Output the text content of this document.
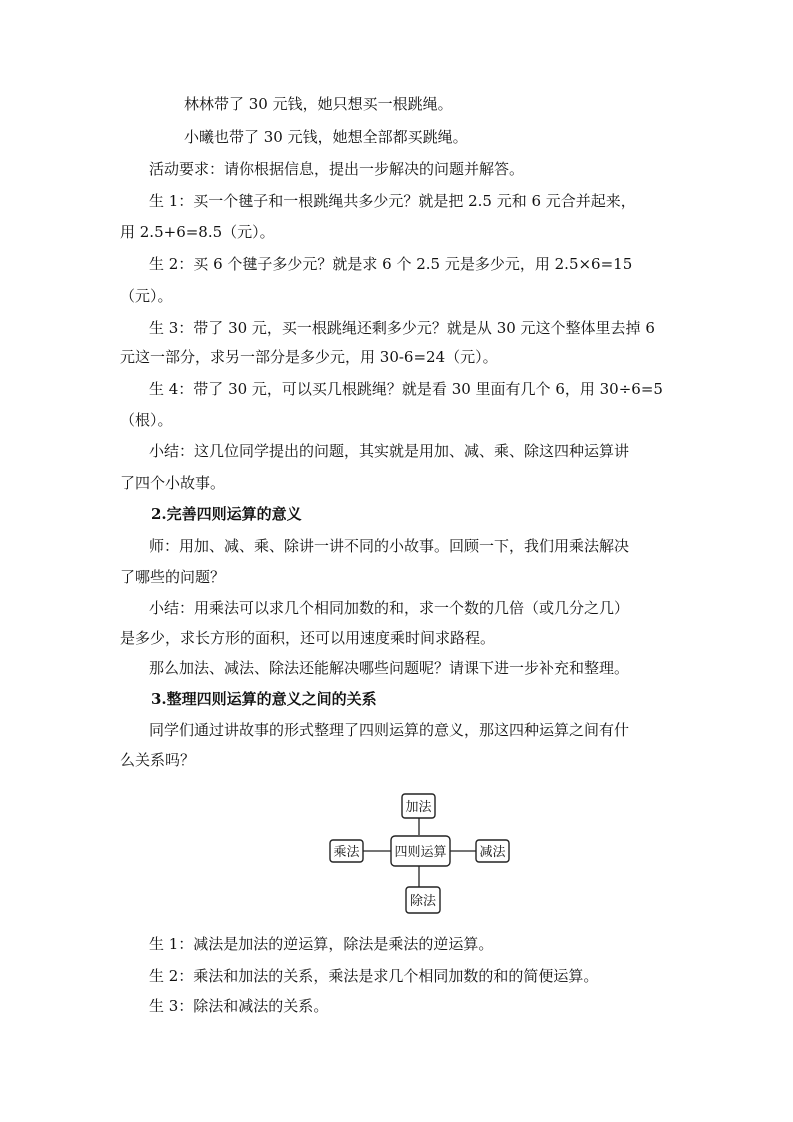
林林带了 30 元钱，她只想买一根跳绳。
小曦也带了 30 元钱，她想全部都买跳绳。
活动要求：请你根据信息，提出一步解决的问题并解答。
生 1：买一个毽子和一根跳绳共多少元？就是把 2.5 元和 6 元合并起来，
用 2.5+6=8.5（元）。
生 2：买 6 个毽子多少元？就是求 6 个 2.5 元是多少元，用 2.5×6=15
（元）。
生 3：带了 30 元，买一根跳绳还剩多少元？就是从 30 元这个整体里去掉 6
元这一部分，求另一部分是多少元，用 30-6=24（元）。
生 4：带了 30 元，可以买几根跳绳？就是看 30 里面有几个 6，用 30÷6=5
（根）。
小结：这几位同学提出的问题，其实就是用加、减、乘、除这四种运算讲
了四个小故事。
2.完善四则运算的意义
师：用加、减、乘、除讲一讲不同的小故事。回顾一下，我们用乘法解决
了哪些的问题？
小结：用乘法可以求几个相同加数的和，求一个数的几倍（或几分之几）
是多少，求长方形的面积，还可以用速度乘时间求路程。
那么加法、减法、除法还能解决哪些问题呢？请课下进一步补充和整理。
3.整理四则运算的意义之间的关系
同学们通过讲故事的形式整理了四则运算的意义，那这四种运算之间有什
么关系吗？
加法
乘法	四则运算	减法
除法
生 1：减法是加法的逆运算，除法是乘法的逆运算。
生 2：乘法和加法的关系，乘法是求几个相同加数的和的简便运算。
生 3：除法和减法的关系。
